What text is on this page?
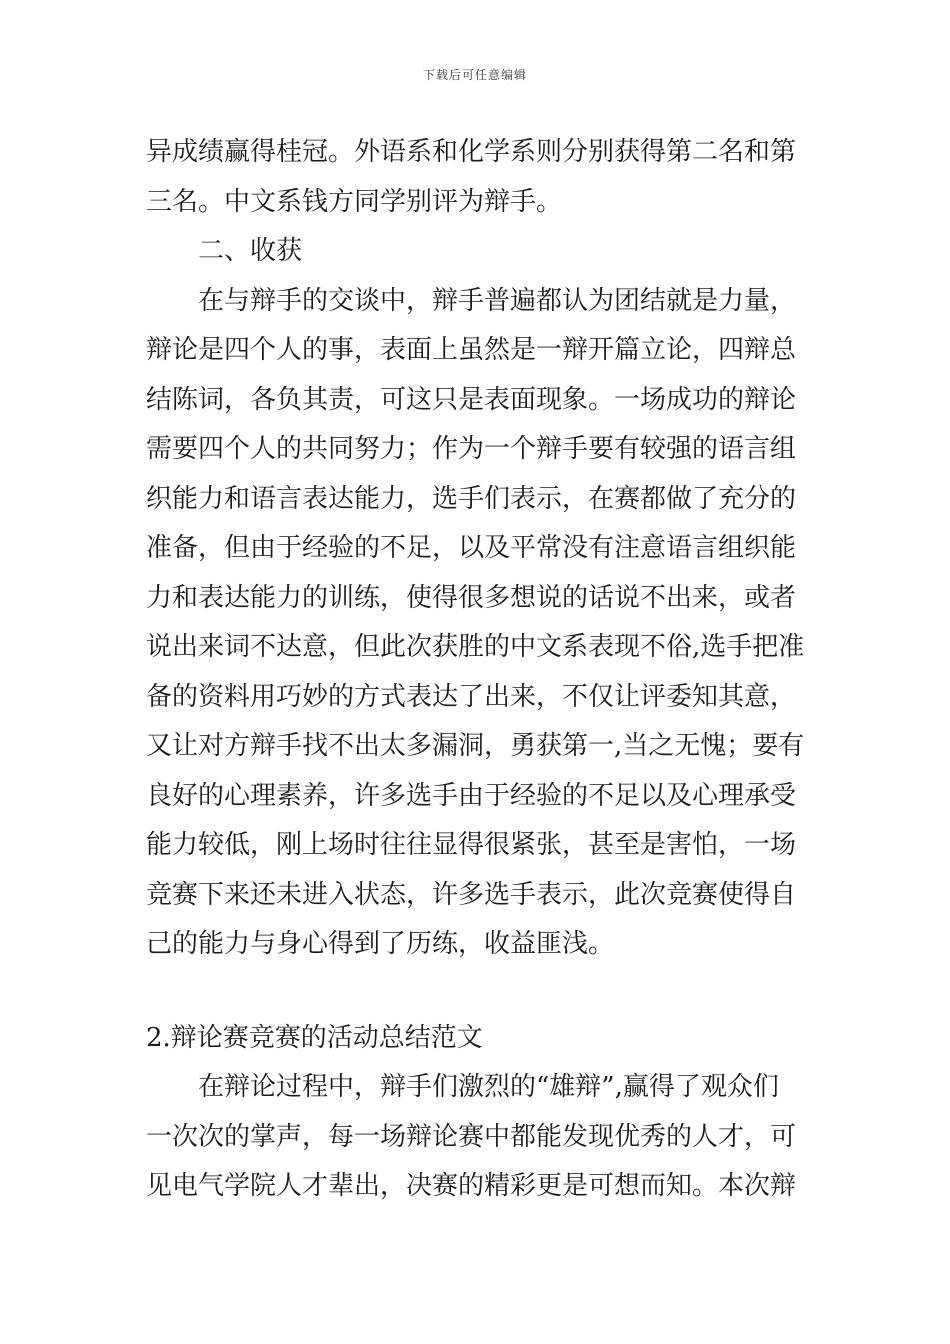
下载后可任意编辑
异成绩赢得桂冠。外语系和化学系则分别获得第二名和第
三名。中文系钱方同学别评为辩手。
二、收获
在与辩手的交谈中，辩手普遍都认为团结就是力量，
辩论是四个人的事，表面上虽然是一辩开篇立论，四辩总
结陈词，各负其责，可这只是表面现象。一场成功的辩论
需要四个人的共同努力；作为一个辩手要有较强的语言组
织能力和语言表达能力，选手们表示，在赛都做了充分的
准备，但由于经验的不足，以及平常没有注意语言组织能
力和表达能力的训练，使得很多想说的话说不出来，或者
说出来词不达意，但此次获胜的中文系表现不俗,选手把准
备的资料用巧妙的方式表达了出来，不仅让评委知其意，
又让对方辩手找不出太多漏洞，勇获第一,当之无愧；要有
良好的心理素养，许多选手由于经验的不足以及心理承受
能力较低，刚上场时往往显得很紧张，甚至是害怕，一场
竞赛下来还未进入状态，许多选手表示，此次竞赛使得自
己的能力与身心得到了历练，收益匪浅。
2.辩论赛竞赛的活动总结范文
在辩论过程中，辩手们激烈的“雄辩”,赢得了观众们
一次次的掌声，每一场辩论赛中都能发现优秀的人才，可
见电气学院人才辈出，决赛的精彩更是可想而知。本次辩
